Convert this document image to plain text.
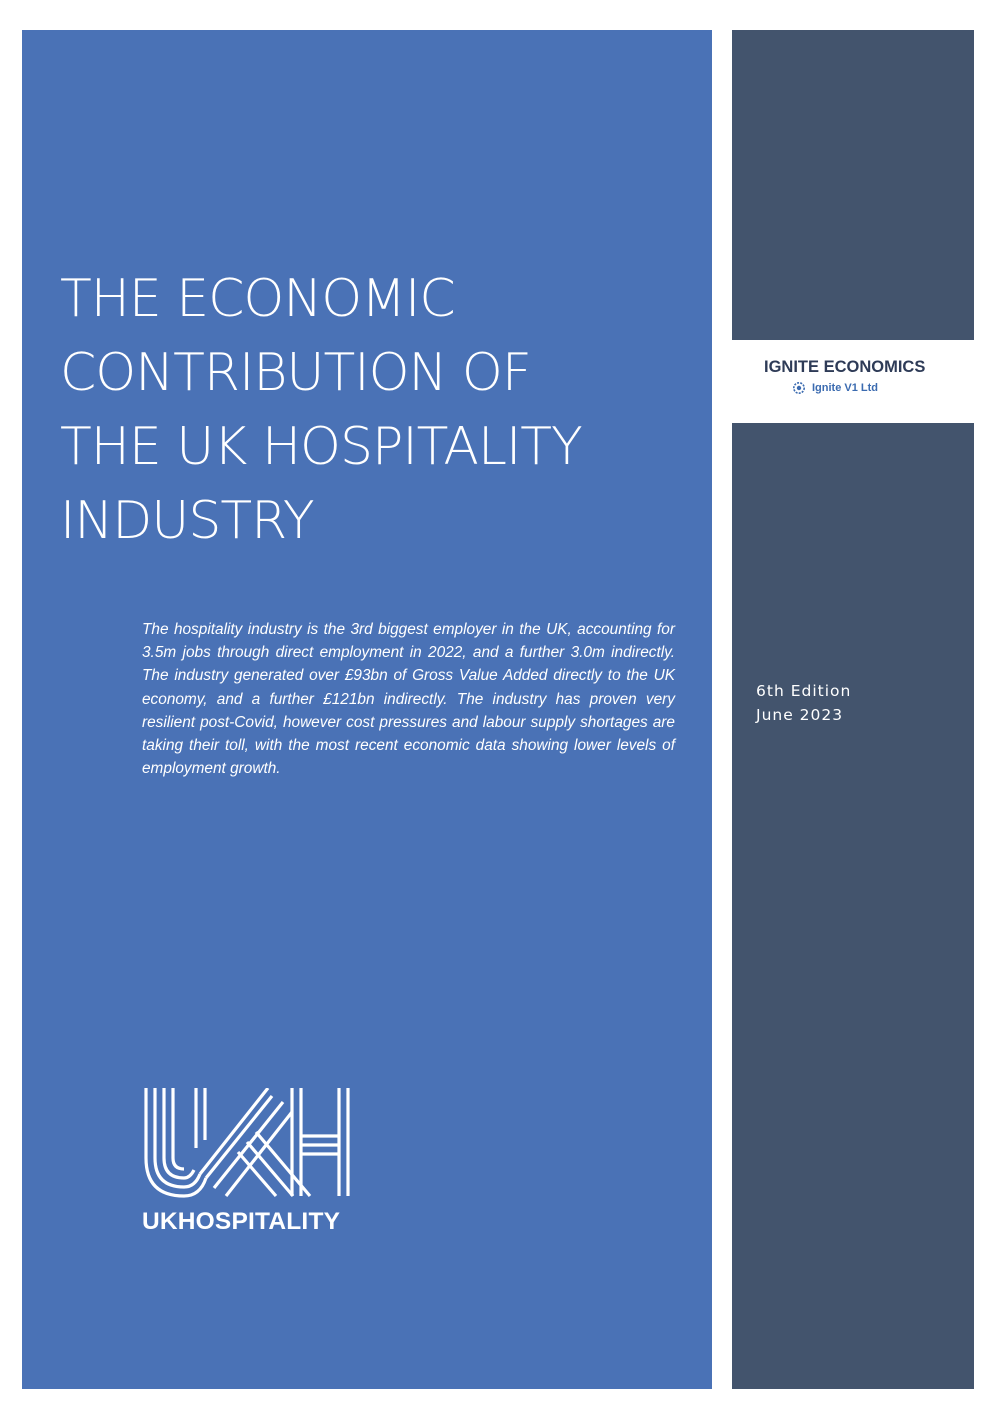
THE ECONOMIC
CONTRIBUTION OF
THE UK HOSPITALITY
INDUSTRY

The hospitality industry is the 3rd biggest employer in the UK, accounting for 3.5m jobs through direct employment in 2022, and a further 3.0m indirectly. The industry generated over £93bn of Gross Value Added directly to the UK economy, and a further £121bn indirectly. The industry has proven very resilient post-Covid, however cost pressures and labour supply shortages are taking their toll, with the most recent economic data showing lower levels of employment growth.

UKHOSPITALITY
IGNITE ECONOMICS
Ignite V1 Ltd
6th Edition
June 2023
